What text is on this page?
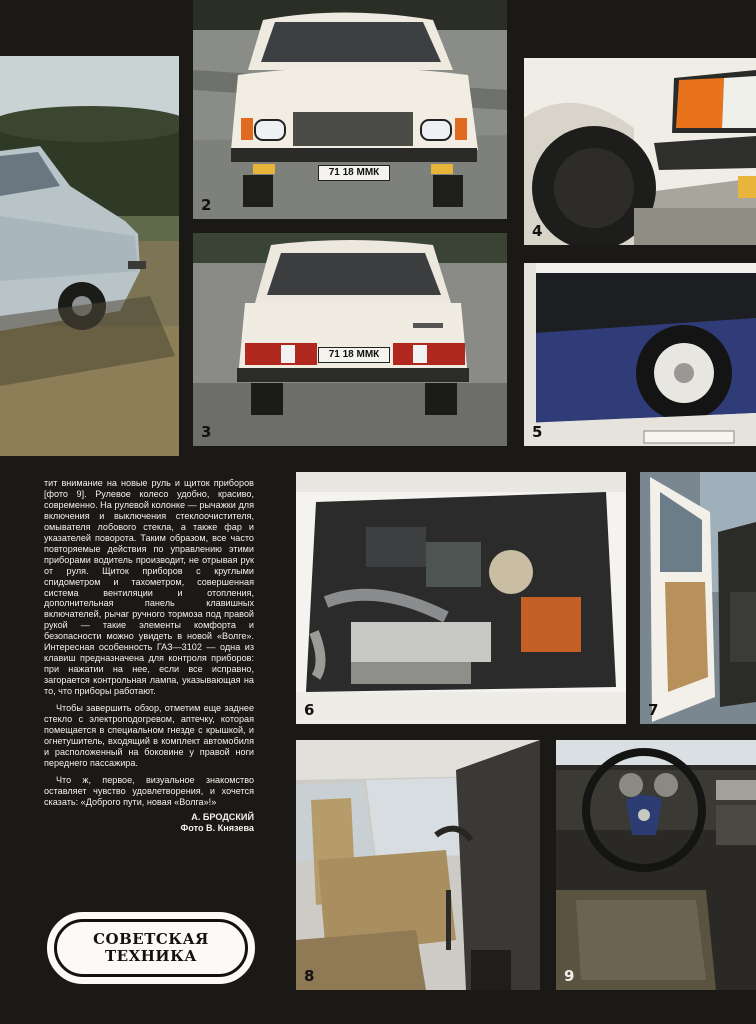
71 18 ММК
2
71 18 ММК
3
4
5
6	7
8	9

тит внимание на новые руль и щиток приборов [фото 9]. Рулевое колесо удобно, красиво, современно. На рулевой колонке — рычажки для включения и выключения стеклоочистителя, омывателя лобового стекла, а также фар и указателей поворота. Таким образом, все часто повторяемые действия по управлению этими приборами водитель производит, не отрывая рук от руля. Щиток приборов с круглыми спидометром и тахометром, совершенная система вентиляции и отопления, дополнительная панель клавишных включателей, рычаг ручного тормоза под правой рукой — такие элементы комфорта и безопасности можно увидеть в новой «Волге». Интересная особенность ГАЗ—3102 — одна из клавиш предназначена для контроля приборов: при нажатии на нее, если все исправно, загорается контрольная лампа, указывающая на то, что приборы работают.

Чтобы завершить обзор, отметим еще заднее стекло с электроподогревом, аптечку, которая помещается в специальном гнезде с крышкой, и огнетушитель, входящий в комплект автомобиля и расположенный на боковине у правой ноги переднего пассажира.

Что ж, первое, визуальное знакомство оставляет чувство удовлетворения, и хочется сказать: «Доброго пути, новая «Волга»!»

А. БРОДСКИЙ

Фото В. Князева

СОВЕТСКАЯ
ТЕХНИКА
